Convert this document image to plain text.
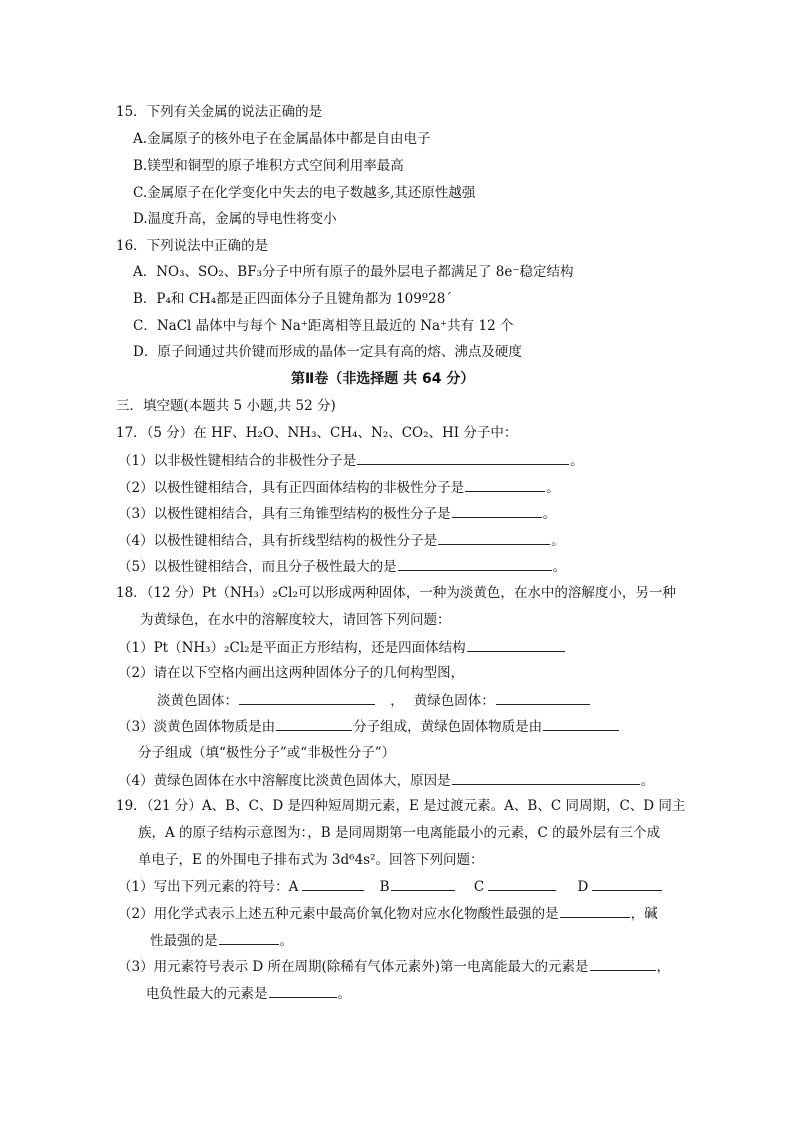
15．下列有关金属的说法正确的是
A.金属原子的核外电子在金属晶体中都是自由电子
B.镁型和铜型的原子堆积方式空间利用率最高
C.金属原子在化学变化中失去的电子数越多,其还原性越强
D.温度升高，金属的导电性将变小
16．下列说法中正确的是
A．NO₃、SO₂、BF₃分子中所有原子的最外层电子都满足了 8e⁻稳定结构
B．P₄和 CH₄都是正四面体分子且键角都为 109º28ˊ
C．NaCl 晶体中与每个 Na⁺距离相等且最近的 Na⁺共有 12 个
D．原子间通过共价键而形成的晶体一定具有高的熔、沸点及硬度
第Ⅱ卷（非选择题 共 64 分）
三．填空题(本题共 5 小题,共 52 分)
17．（5 分）在 HF、H₂O、NH₃、CH₄、N₂、CO₂、HI 分子中：
（1）以非极性键相结合的非极性分子是	。
（2）以极性键相结合，具有正四面体结构的非极性分子是	。
（3）以极性键相结合，具有三角锥型结构的极性分子是	。
（4）以极性键相结合，具有折线型结构的极性分子是	。
（5）以极性键相结合，而且分子极性最大的是	。
18．（12 分）Pt（NH₃）₂Cl₂可以形成两种固体，一种为淡黄色，在水中的溶解度小，另一种
为黄绿色，在水中的溶解度较大，请回答下列问题：
（1）Pt（NH₃）₂Cl₂是平面正方形结构，还是四面体结构
（2）请在以下空格内画出这两种固体分子的几何构型图，
淡黄色固体：	， 黄绿色固体：
（3）淡黄色固体物质是由	分子组成，黄绿色固体物质是由
分子组成（填“极性分子”或“非极性分子”）
（4）黄绿色固体在水中溶解度比淡黄色固体大，原因是	。
19．（21 分）A、B、C、D 是四种短周期元素，E 是过渡元素。A、B、C 同周期，C、D 同主
族，A 的原子结构示意图为：，B 是同周期第一电离能最小的元素，C 的最外层有三个成
单电子，E 的外围电子排布式为 3d⁶4s²。回答下列问题：
（1）写出下列元素的符号：A	B	C	D
（2）用化学式表示上述五种元素中最高价氧化物对应水化物酸性最强的是	，碱
性最强的是	。
（3）用元素符号表示 D 所在周期(除稀有气体元素外)第一电离能最大的元素是	，
电负性最大的元素是	。
